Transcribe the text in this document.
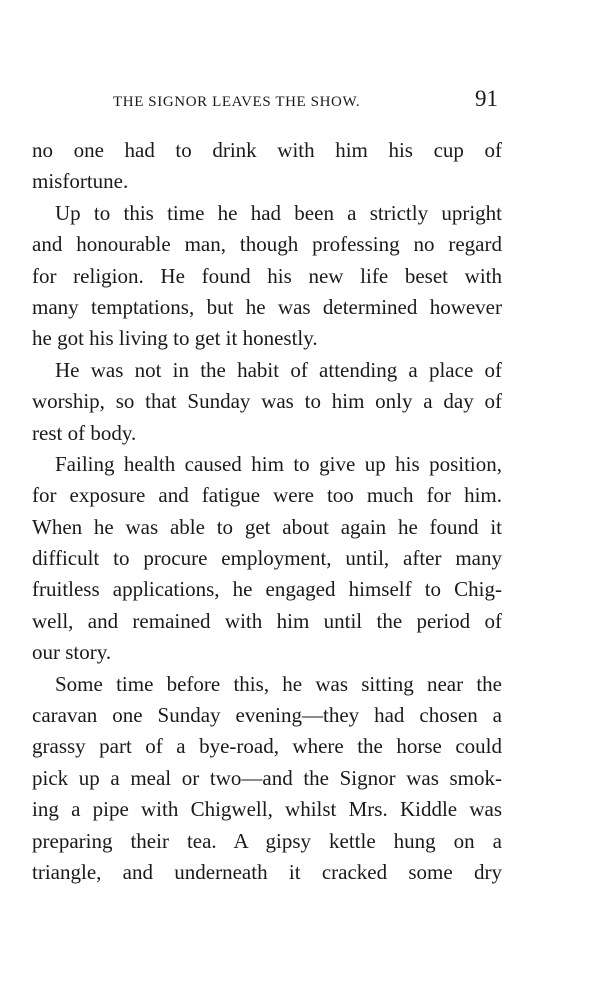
THE SIGNOR LEAVES THE SHOW.	91
no one had to drink with him his cup of
misfortune.
Up to this time he had been a strictly upright
and honourable man, though professing no regard
for religion. He found his new life beset with
many temptations, but he was determined however
he got his living to get it honestly.
He was not in the habit of attending a place of
worship, so that Sunday was to him only a day of
rest of body.
Failing health caused him to give up his position,
for exposure and fatigue were too much for him.
When he was able to get about again he found it
difficult to procure employment, until, after many
fruitless applications, he engaged himself to Chig-
well, and remained with him until the period of
our story.
Some time before this, he was sitting near the
caravan one Sunday evening—they had chosen a
grassy part of a bye-road, where the horse could
pick up a meal or two—and the Signor was smok-
ing a pipe with Chigwell, whilst Mrs. Kiddle was
preparing their tea. A gipsy kettle hung on a
triangle, and underneath it cracked some dry
